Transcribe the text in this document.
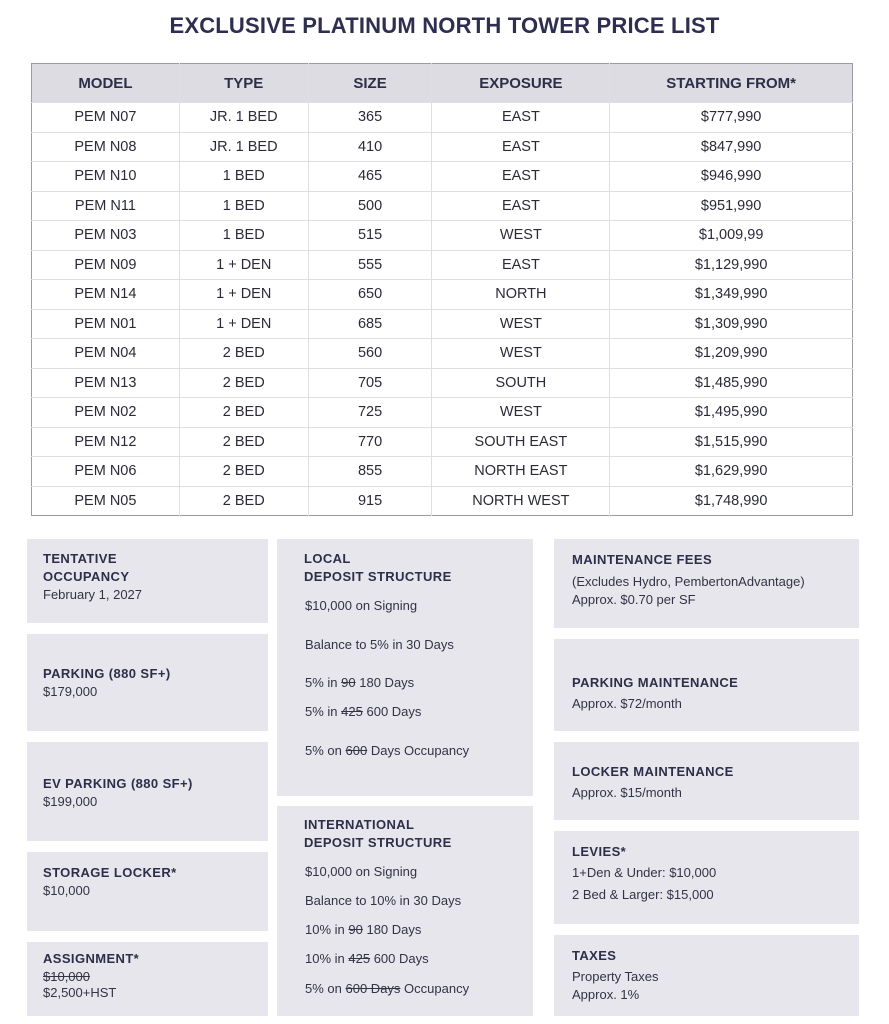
EXCLUSIVE PLATINUM NORTH TOWER PRICE LIST
MODEL	TYPE	SIZE	EXPOSURE	STARTING FROM*
PEM N07	JR. 1 BED	365	EAST	$777,990
PEM N08	JR. 1 BED	410	EAST	$847,990
PEM N10	1 BED	465	EAST	$946,990
PEM N11	1 BED	500	EAST	$951,990
PEM N03	1 BED	515	WEST	$1,009,99
PEM N09	1 + DEN	555	EAST	$1,129,990
PEM N14	1 + DEN	650	NORTH	$1,349,990
PEM N01	1 + DEN	685	WEST	$1,309,990
PEM N04	2 BED	560	WEST	$1,209,990
PEM N13	2 BED	705	SOUTH	$1,485,990
PEM N02	2 BED	725	WEST	$1,495,990
PEM N12	2 BED	770	SOUTH EAST	$1,515,990
PEM N06	2 BED	855	NORTH EAST	$1,629,990
PEM N05	2 BED	915	NORTH WEST	$1,748,990
TENTATIVE
OCCUPANCY
February 1, 2027
PARKING (880 SF+)
$179,000
EV PARKING (880 SF+)
$199,000
STORAGE LOCKER*
$10,000
ASSIGNMENT*
$10,000
$2,500+HST
LOCAL
DEPOSIT STRUCTURE
$10,000 on Signing
Balance to 5% in 30 Days
5% in 90 180 Days
5% in 425 600 Days
5% on 600 Days Occupancy
INTERNATIONAL
DEPOSIT STRUCTURE
$10,000 on Signing
Balance to 10% in 30 Days
10% in 90 180 Days
10% in 425 600 Days
5% on 600 Days Occupancy
MAINTENANCE FEES
(Excludes Hydro, PembertonAdvantage)
Approx. $0.70 per SF
PARKING MAINTENANCE
Approx. $72/month
LOCKER MAINTENANCE
Approx. $15/month
LEVIES*
1+Den & Under: $10,000
2 Bed & Larger: $15,000
TAXES
Property Taxes
Approx. 1%
